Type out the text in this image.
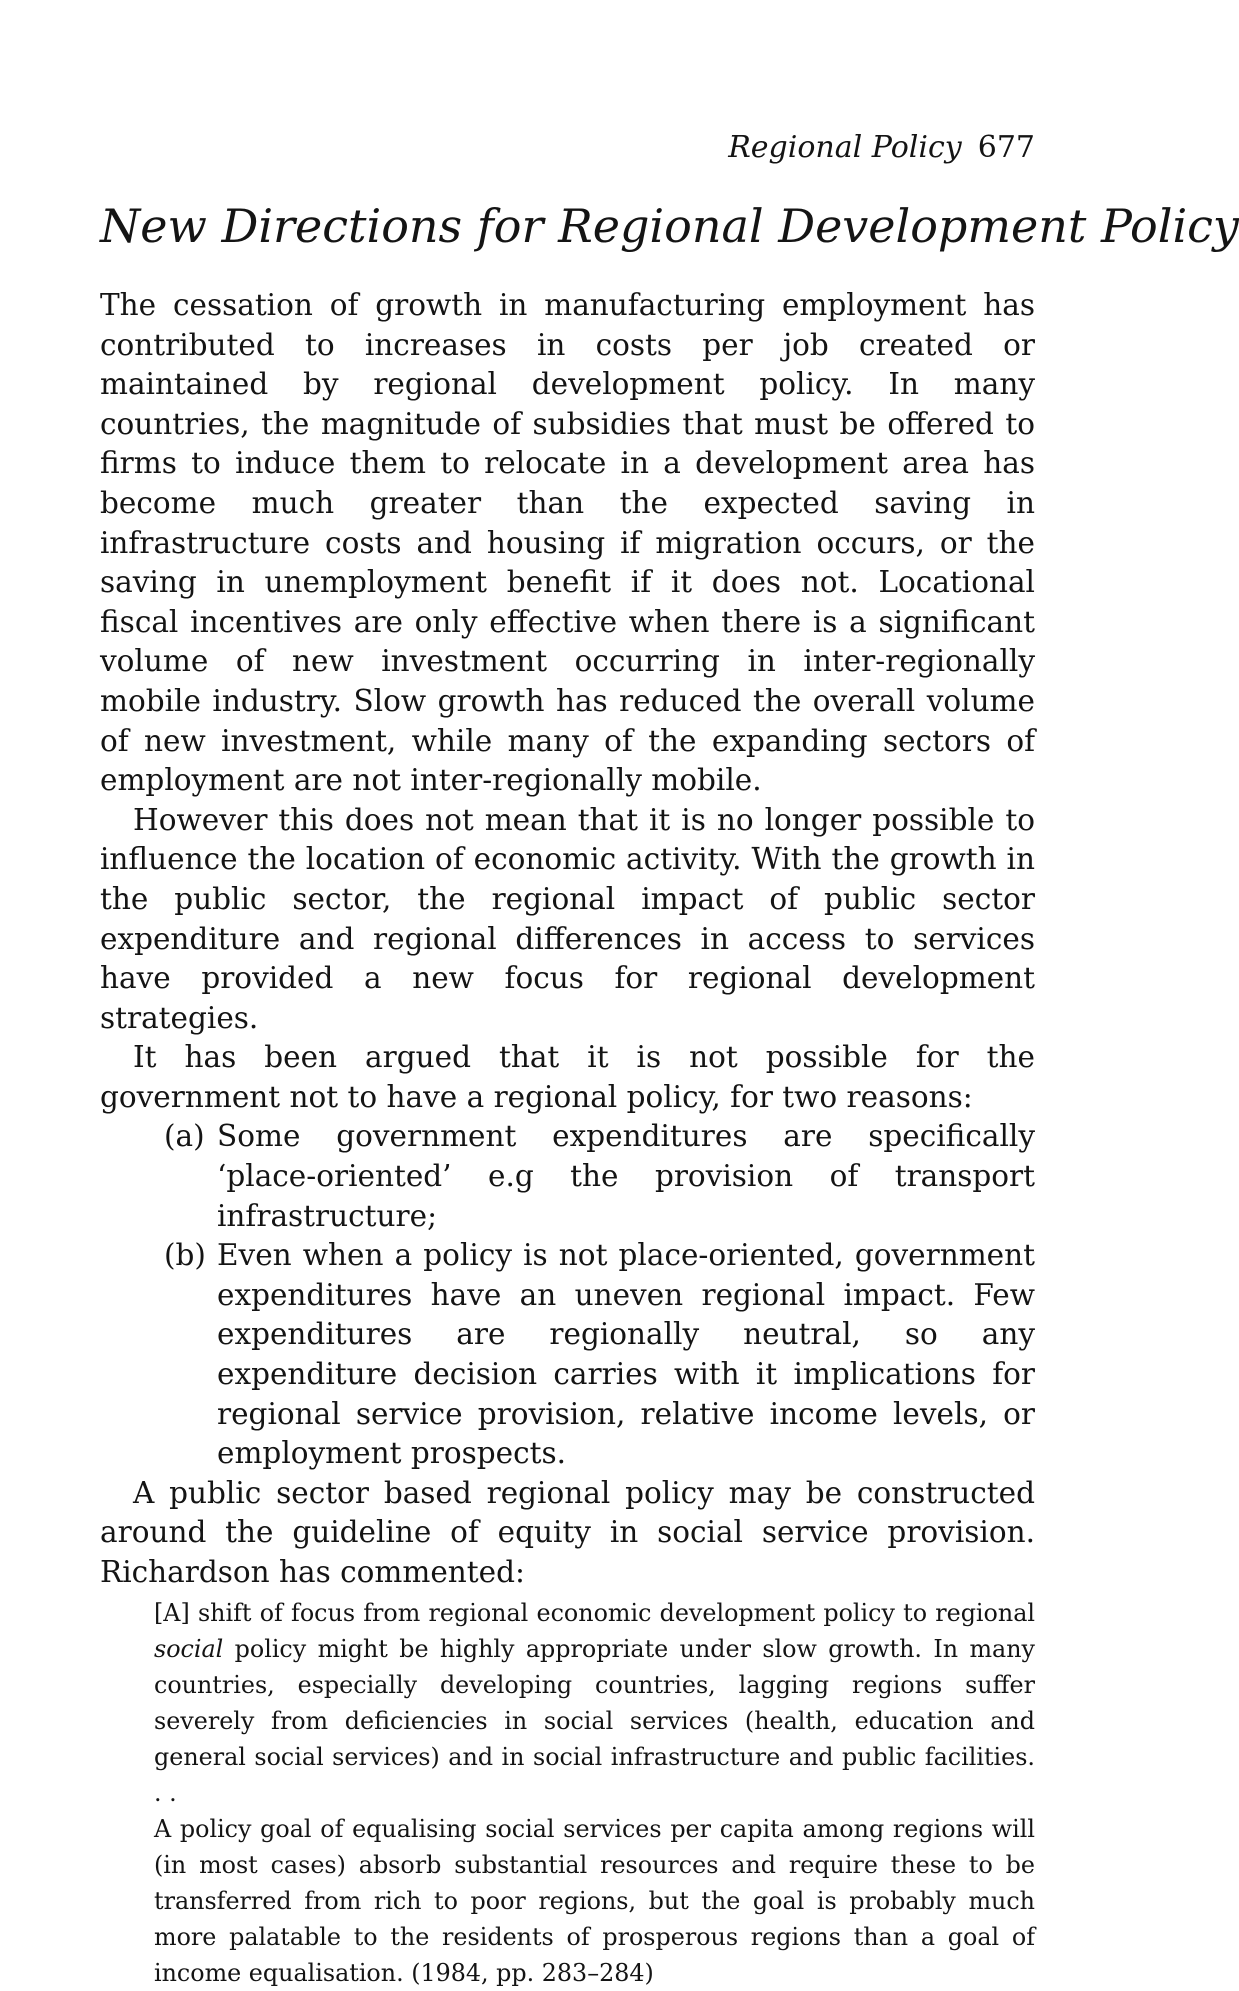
Regional Policy 677
New Directions for Regional Development Policy

The cessation of growth in manufacturing employment has contributed to increases in costs per job created or maintained by regional development policy. In many countries, the magnitude of subsidies that must be offered to firms to induce them to relocate in a development area has become much greater than the expected saving in infrastructure costs and housing if migration occurs, or the saving in unemployment benefit if it does not. Locational fiscal incentives are only effective when there is a significant volume of new investment occurring in inter-regionally mobile industry. Slow growth has reduced the overall volume of new investment, while many of the expanding sectors of employment are not inter-regionally mobile.

However this does not mean that it is no longer possible to influence the location of economic activity. With the growth in the public sector, the regional impact of public sector expenditure and regional differences in access to services have provided a new focus for regional development strategies.

It has been argued that it is not possible for the government not to have a regional policy, for two reasons:

(a) Some government expenditures are specifically ‘place-oriented’ e.g the provision of transport infrastructure;
(b) Even when a policy is not place-oriented, government expenditures have an uneven regional impact. Few expenditures are regionally neutral, so any expenditure decision carries with it implications for regional service provision, relative income levels, or employment prospects.

A public sector based regional policy may be constructed around the guideline of equity in social service provision. Richardson has commented:

[A] shift of focus from regional economic development policy to regional social policy might be highly appropriate under slow growth. In many countries, especially developing countries, lagging regions suffer severely from deficiencies in social services (health, education and general social services) and in social infrastructure and public facilities. . .

A policy goal of equalising social services per capita among regions will (in most cases) absorb substantial resources and require these to be transferred from rich to poor regions, but the goal is probably much more palatable to the residents of prosperous regions than a goal of income equalisation. (1984, pp. 283–284)
